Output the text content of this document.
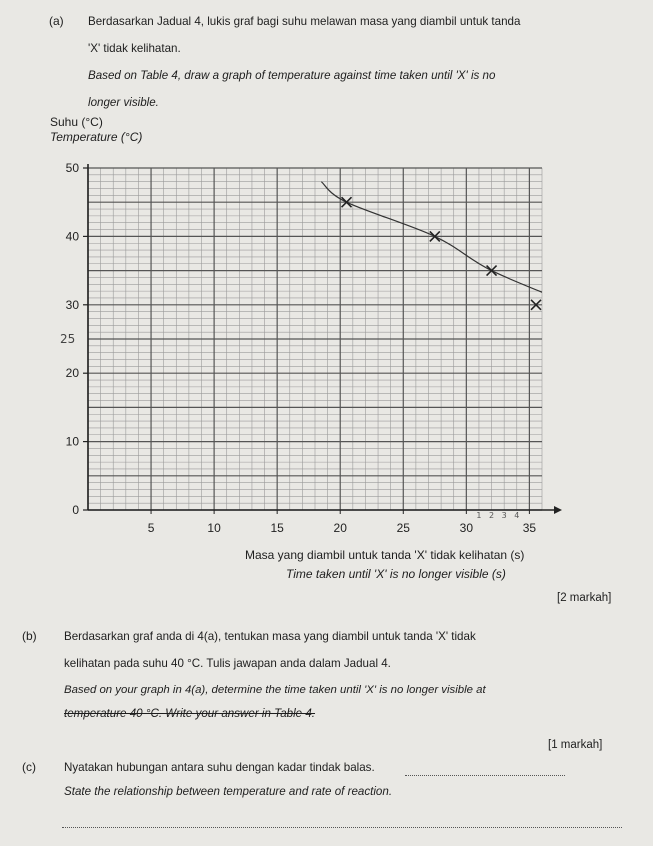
(a) Berdasarkan Jadual 4, lukis graf bagi suhu melawan masa yang diambil untuk tanda
'X' tidak kelihatan.
Based on Table 4, draw a graph of temperature against time taken until 'X' is no
longer visible.
Suhu (°C)
Temperature (°C)
5	10	15	20	25	30	35
0
10
20
30
40
50
25
1 2 3 4
Masa yang diambil untuk tanda 'X' tidak kelihatan (s)
Time taken until 'X' is no longer visible (s)
[2 markah]
(b) Berdasarkan graf anda di 4(a), tentukan masa yang diambil untuk tanda 'X' tidak
kelihatan pada suhu 40 °C. Tulis jawapan anda dalam Jadual 4.
Based on your graph in 4(a), determine the time taken until 'X' is no longer visible at
temperature 40 °C. Write your answer in Table 4.
[1 markah]
(c) Nyatakan hubungan antara suhu dengan kadar tindak balas.
State the relationship between temperature and rate of reaction.
